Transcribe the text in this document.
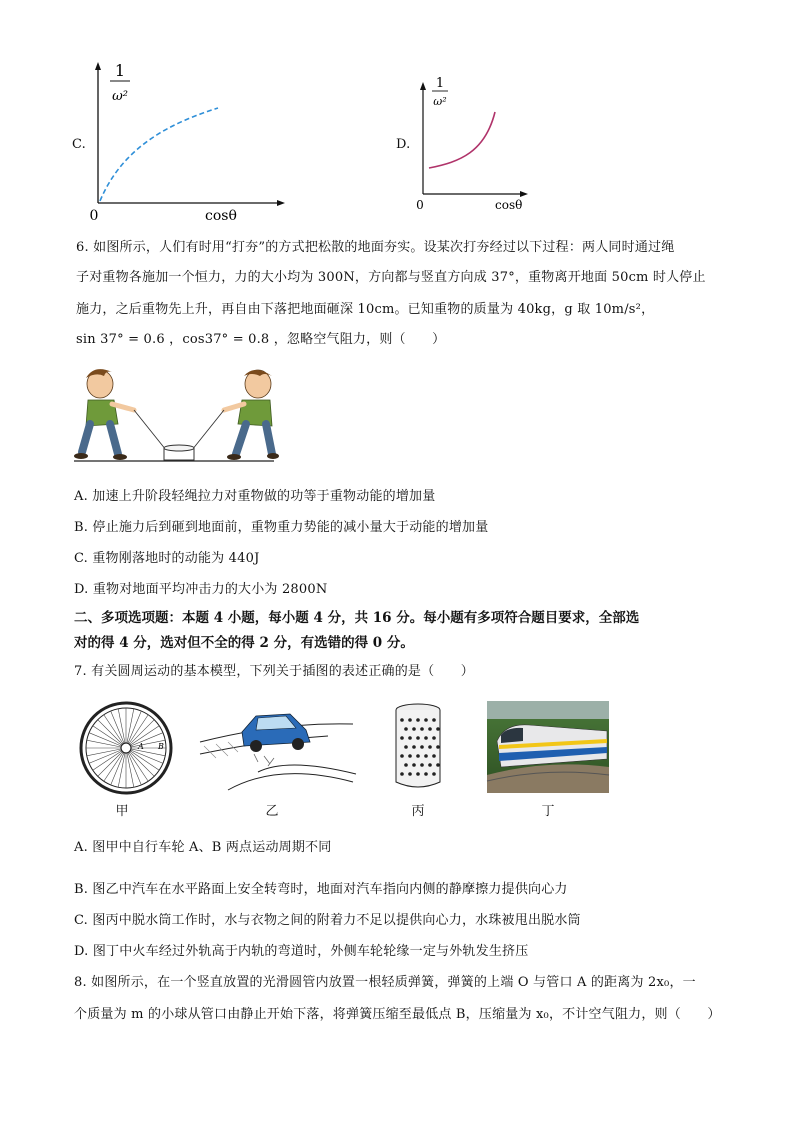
C.
1
ω²
0	cosθ
D.
1
ω²
0	cosθ
6. 如图所示，人们有时用“打夯”的方式把松散的地面夯实。设某次打夯经过以下过程：两人同时通过绳
子对重物各施加一个恒力，力的大小均为 300N，方向都与竖直方向成 37°，重物离开地面 50cm 时人停止
施力，之后重物先上升，再自由下落把地面砸深 10cm。已知重物的质量为 40kg，g 取 10m/s²，
sin 37° = 0.6 ，cos37° = 0.8 ，忽略空气阻力，则（　　）
A. 加速上升阶段轻绳拉力对重物做的功等于重物动能的增加量
B. 停止施力后到砸到地面前，重物重力势能的减小量大于动能的增加量
C. 重物刚落地时的动能为 440J
D. 重物对地面平均冲击力的大小为 2800N
二、多项选项题：本题 4 小题，每小题 4 分，共 16 分。每小题有多项符合题目要求，全部选
对的得 4 分，选对但不全的得 2 分，有选错的得 0 分。
7. 有关圆周运动的基本模型，下列关于插图的表述正确的是（　　）
A B
甲	乙	丙	丁
A. 图甲中自行车轮 A、B 两点运动周期不同
B. 图乙中汽车在水平路面上安全转弯时，地面对汽车指向内侧的静摩擦力提供向心力
C. 图丙中脱水筒工作时，水与衣物之间的附着力不足以提供向心力，水珠被甩出脱水筒
D. 图丁中火车经过外轨高于内轨的弯道时，外侧车轮轮缘一定与外轨发生挤压
8. 如图所示，在一个竖直放置的光滑圆管内放置一根轻质弹簧，弹簧的上端 O 与管口 A 的距离为 2x₀，一
个质量为 m 的小球从管口由静止开始下落，将弹簧压缩至最低点 B，压缩量为 x₀，不计空气阻力，则（　　）
